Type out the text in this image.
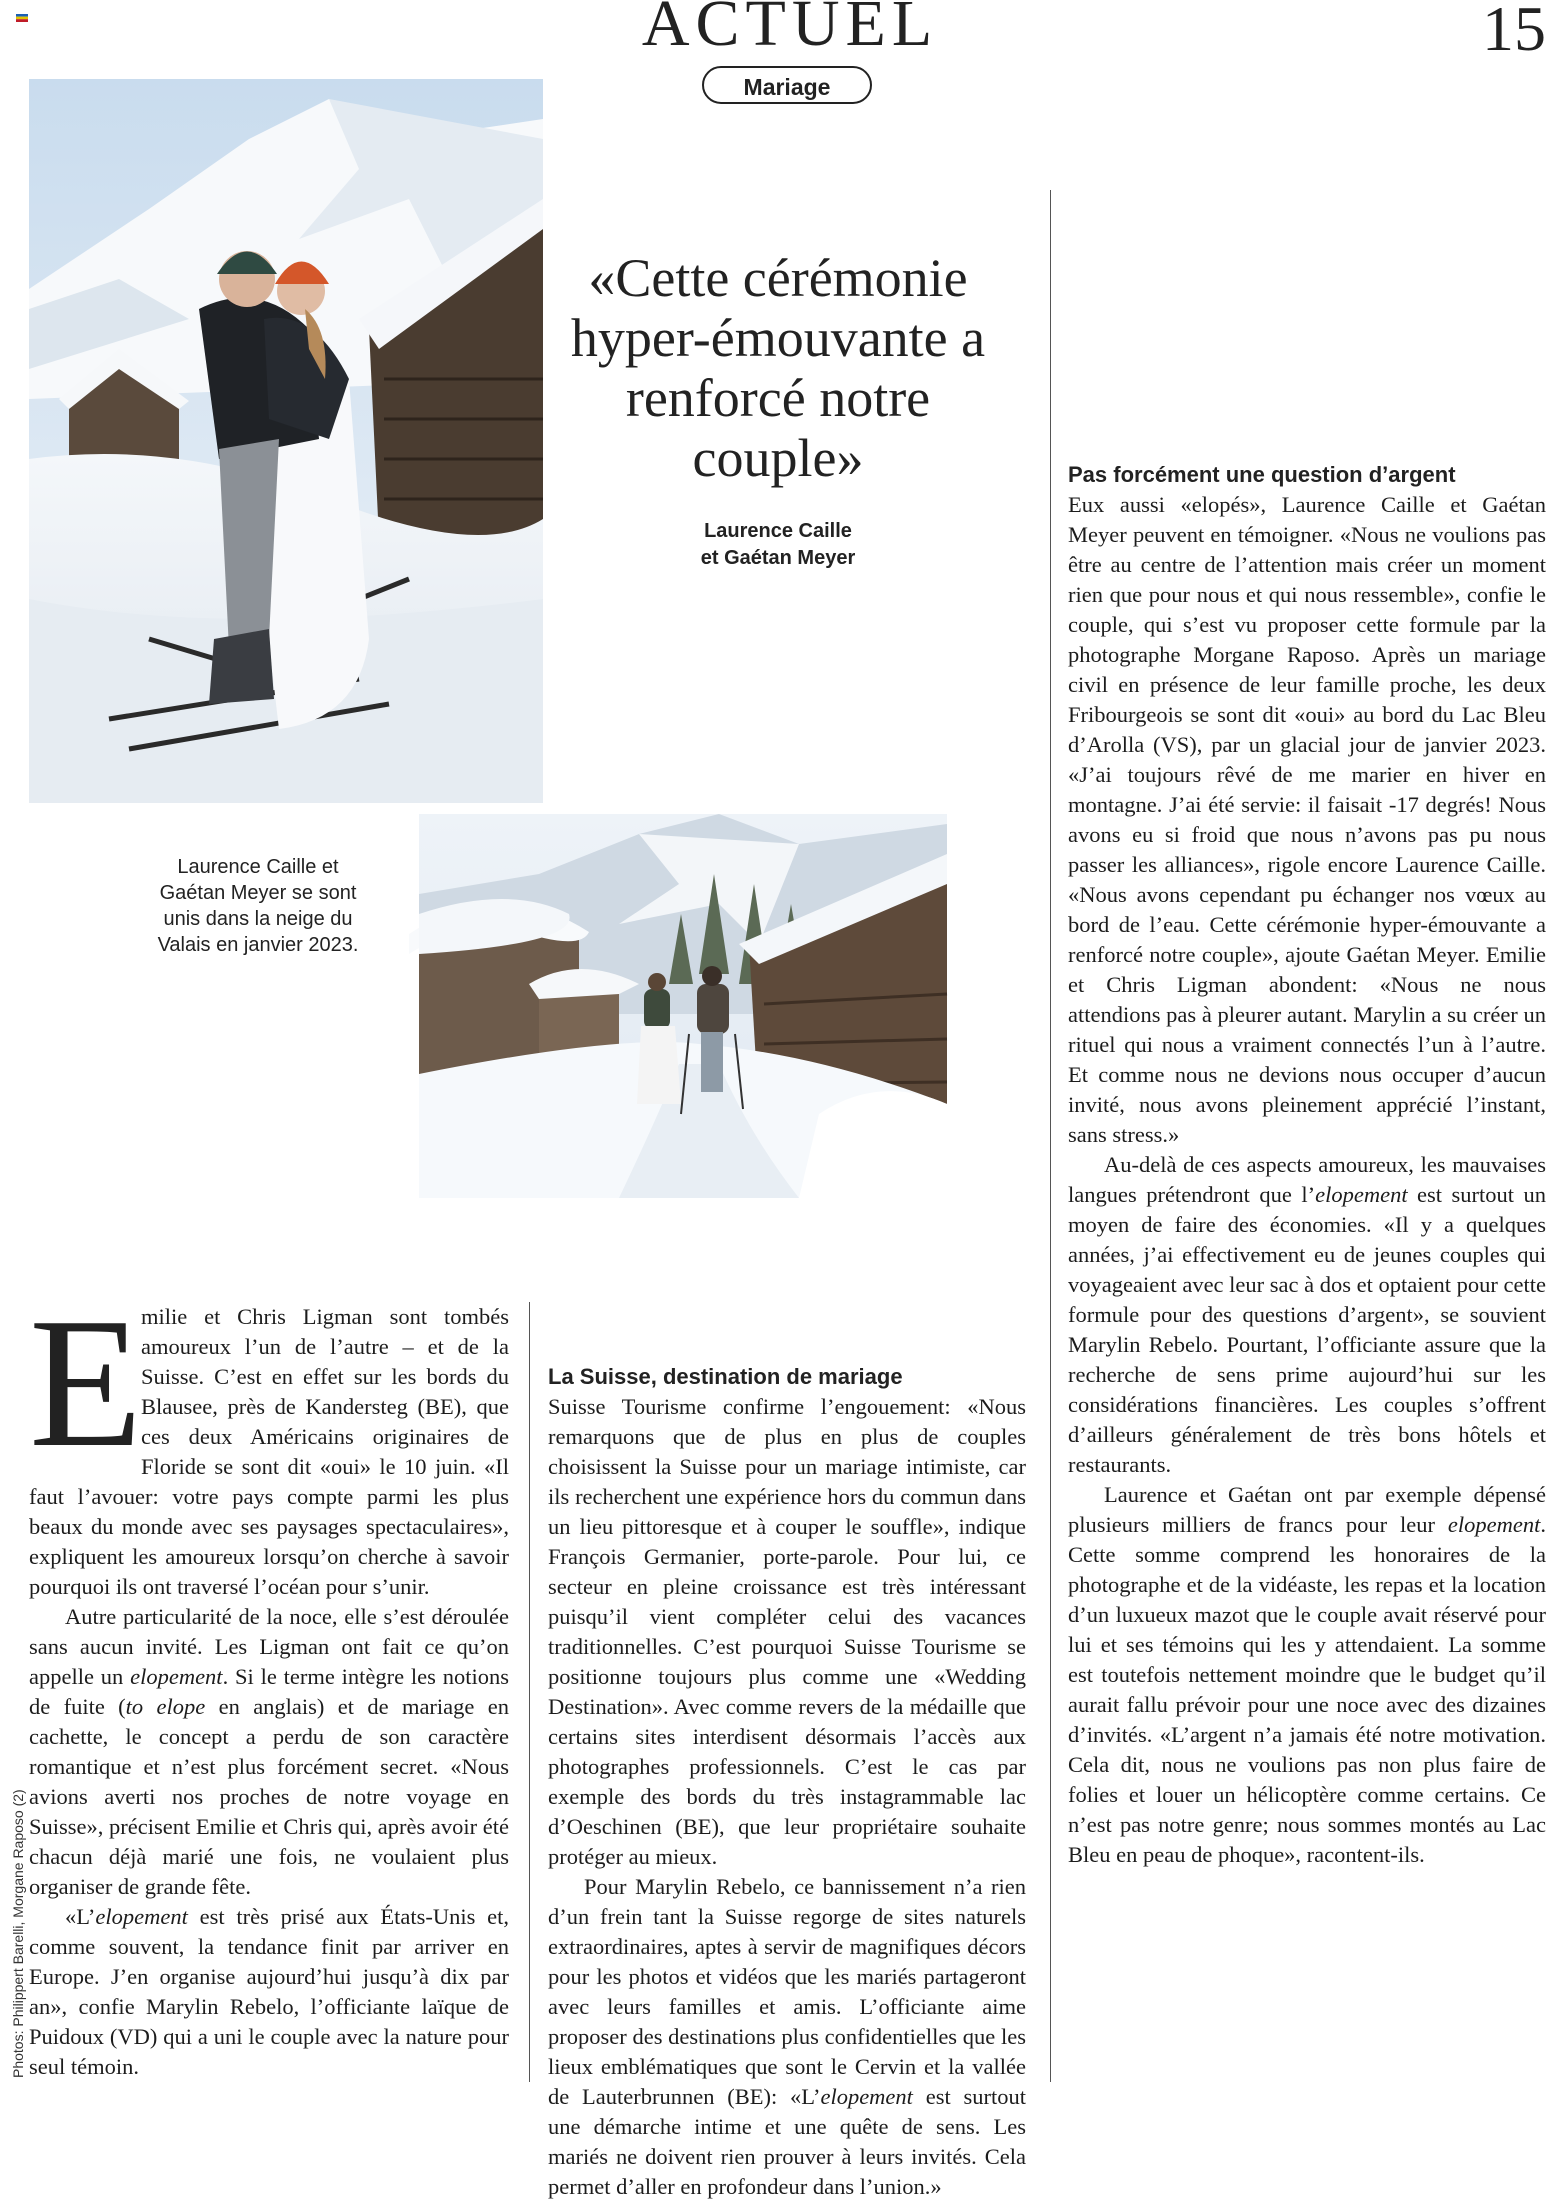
ACTUEL	15
Mariage
Photos: Philippert Barelli, Morgane Raposo (2)
«Cette cérémonie hyper-émouvante a renforcé notre couple»
Laurence Caille
et Gaétan Meyer
Laurence Caille et Gaétan Meyer se sont unis dans la neige du Valais en janvier 2023.

E
milie et Chris Ligman sont tombés amoureux l’un de l’autre – et de la Suisse. C’est en effet sur les bords du Blausee, près de Kandersteg (BE), que ces deux Américains originaires de Floride se sont dit «oui» le 10 juin. «Il faut l’avouer: votre pays compte parmi les plus beaux du monde avec ses paysages spectaculaires», expliquent les amoureux lorsqu’on cherche à savoir pourquoi ils ont traversé l’océan pour s’unir.

Autre particularité de la noce, elle s’est déroulée sans aucun invité. Les Ligman ont fait ce qu’on appelle un elopement. Si le terme intègre les notions de fuite (to elope en anglais) et de mariage en cachette, le concept a perdu de son caractère romantique et n’est plus forcément secret. «Nous avions averti nos proches de notre voyage en Suisse», précisent Emilie et Chris qui, après avoir été chacun déjà marié une fois, ne voulaient plus organiser de grande fête.

«L’elopement est très prisé aux États-Unis et, comme souvent, la tendance finit par arriver en Europe. J’en organise aujourd’hui jusqu’à dix par an», confie Marylin Rebelo, l’officiante laïque de Puidoux (VD) qui a uni le couple avec la nature pour seul témoin.

La Suisse, destination de mariage

Suisse Tourisme confirme l’engouement: «Nous remarquons que de plus en plus de couples choisissent la Suisse pour un mariage intimiste, car ils recherchent une expérience hors du commun dans un lieu pittoresque et à couper le souffle», indique François Germanier, porte-parole. Pour lui, ce secteur en pleine croissance est très intéressant puisqu’il vient compléter celui des vacances traditionnelles. C’est pourquoi Suisse Tourisme se positionne toujours plus comme une «Wedding Destination». Avec comme revers de la médaille que certains sites interdisent désormais l’accès aux photographes professionnels. C’est le cas par exemple des bords du très instagrammable lac d’Oeschinen (BE), que leur propriétaire souhaite protéger au mieux.

Pour Marylin Rebelo, ce bannissement n’a rien d’un frein tant la Suisse regorge de sites naturels extraordinaires, aptes à servir de magnifiques décors pour les photos et vidéos que les mariés partageront avec leurs familles et amis. L’officiante aime proposer des destinations plus confidentielles que les lieux emblématiques que sont le Cervin et la vallée de Lauterbrunnen (BE): «L’elopement est surtout une démarche intime et une quête de sens. Les mariés ne doivent rien prouver à leurs invités. Cela permet d’aller en profondeur dans l’union.»

Pas forcément une question d’argent

Eux aussi «elopés», Laurence Caille et Gaétan Meyer peuvent en témoigner. «Nous ne voulions pas être au centre de l’attention mais créer un moment rien que pour nous et qui nous ressemble», confie le couple, qui s’est vu proposer cette formule par la photographe Morgane Raposo. Après un mariage civil en présence de leur famille proche, les deux Fribourgeois se sont dit «oui» au bord du Lac Bleu d’Arolla (VS), par un glacial jour de janvier 2023. «J’ai toujours rêvé de me marier en hiver en montagne. J’ai été servie: il faisait -17 degrés! Nous avons eu si froid que nous n’avons pas pu nous passer les alliances», rigole encore Laurence Caille. «Nous avons cependant pu échanger nos vœux au bord de l’eau. Cette cérémonie hyper-émouvante a renforcé notre couple», ajoute Gaétan Meyer. Emilie et Chris Ligman abondent: «Nous ne nous attendions pas à pleurer autant. Marylin a su créer un rituel qui nous a vraiment connectés l’un à l’autre. Et comme nous ne devions nous occuper d’aucun invité, nous avons pleinement apprécié l’instant, sans stress.»

Au-delà de ces aspects amoureux, les mauvaises langues prétendront que l’elopement est surtout un moyen de faire des économies. «Il y a quelques années, j’ai effectivement eu de jeunes couples qui voyageaient avec leur sac à dos et optaient pour cette formule pour des questions d’argent», se souvient Marylin Rebelo. Pourtant, l’officiante assure que la recherche de sens prime aujourd’hui sur les considérations financières. Les couples s’offrent d’ailleurs généralement de très bons hôtels et restaurants.

Laurence et Gaétan ont par exemple dépensé plusieurs milliers de francs pour leur elopement. Cette somme comprend les honoraires de la photographe et de la vidéaste, les repas et la location d’un luxueux mazot que le couple avait réservé pour lui et ses témoins qui les y attendaient. La somme est toutefois nettement moindre que le budget qu’il aurait fallu prévoir pour une noce avec des dizaines d’invités. «L’argent n’a jamais été notre motivation. Cela dit, nous ne voulions pas non plus faire de folies et louer un hélicoptère comme certains. Ce n’est pas notre genre; nous sommes montés au Lac Bleu en peau de phoque», racontent-ils.
